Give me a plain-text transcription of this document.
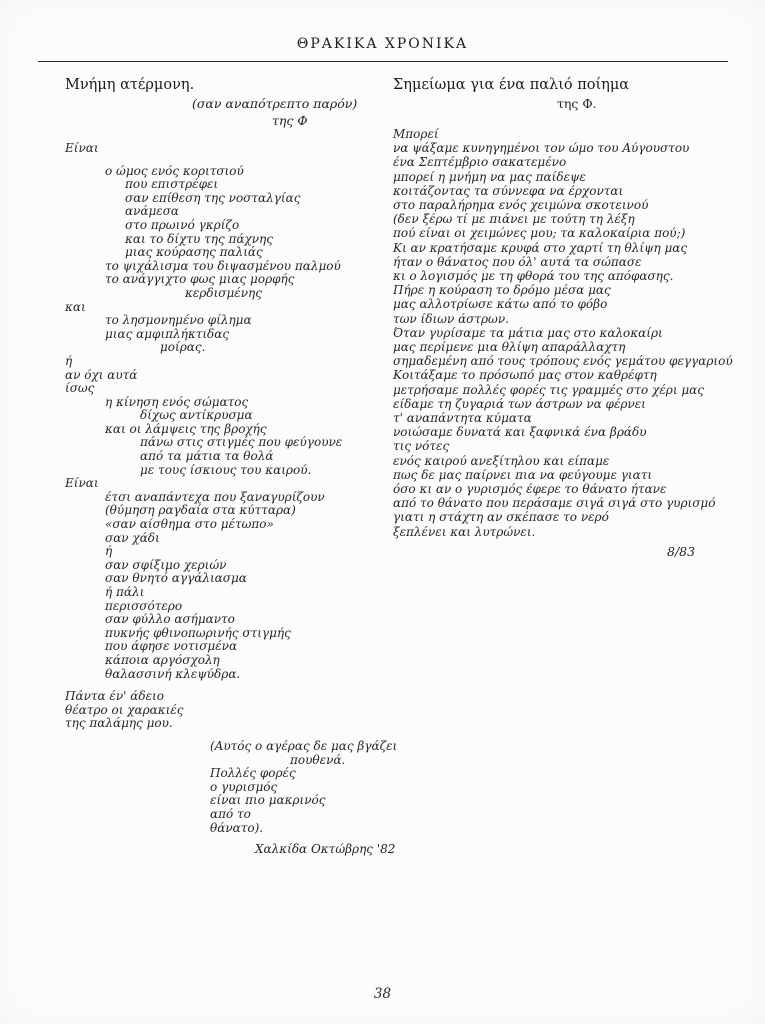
ΘΡΑΚΙΚΑ ΧΡΟΝΙΚΑ
Μνήμη ατέρμονη.
(σαν αναπότρεπτο παρόν)
της Φ
Είναι

ο ώμος ενός κοριτσιού
που επιστρέφει
σαν επίθεση της νοσταλγίας
ανάμεσα
στο πρωινό γκρίζο
και το δίχτυ της πάχνης
μιας κούρασης παλιάς
το ψιχάλισμα του διψασμένου παλμού
το ανάγγιχτο φως μιας μορφής
κερδισμένης
και
το λησμονημένο φίλημα
μιας αμφιπλήκτιδας
μοίρας.
ή
αν όχι αυτά
ίσως
η κίνηση ενός σώματος
δίχως αντίκρυσμα
και οι λάμψεις της βροχής
πάνω στις στιγμές που φεύγουνε
από τα μάτια τα θολά
με τους ίσκιους του καιρού.
Είναι
έτσι αναπάντεχα που ξαναγυρίζουν
(θύμηση ραγδαία στα κύτταρα)
«σαν αίσθημα στο μέτωπο»
σαν χάδι
ή
σαν σφίξιμο χεριών
σαν θνητό αγγάλιασμα
ή πάλι
περισσότερο
σαν φύλλο ασήμαντο
πυκνής φθινοπωρινής στιγμής
που άφησε νοτισμένα
κάποια αργόσχολη
θαλασσινή κλεψύδρα.

Πάντα έν' άδειο
θέατρο οι χαρακιές
της παλάμης μου.

(Αυτός ο αγέρας δε μας βγάζει
πουθενά.
Πολλές φορές
ο γυρισμός
είναι πιο μακρινός
από το
θάνατο).
Χαλκίδα Οκτώβρης '82
Σημείωμα για ένα παλιό ποίημα
της Φ.
Μπορεί
να ψάξαμε κυνηγημένοι τον ώμο του Αύγουστου
ένα Σεπτέμβριο σακατεμένο
μπορεί η μνήμη να μας παίδεψε
κοιτάζοντας τα σύννεφα να έρχονται
στο παραλήρημα ενός χειμώνα σκοτεινού
(δεν ξέρω τί με πιάνει με τούτη τη λέξη
πού είναι οι χειμώνες μου; τα καλοκαίρια πού;)
Κι αν κρατήσαμε κρυφά στο χαρτί τη θλίψη μας
ήταν ο θάνατος που όλ' αυτά τα σώπασε
κι ο λογισμός με τη φθορά του της απόφασης.
Πήρε η κούραση το δρόμο μέσα μας
μας αλλοτρίωσε κάτω από το φόβο
των ίδιων άστρων.
Όταν γυρίσαμε τα μάτια μας στο καλοκαίρι
μας περίμενε μια θλίψη απαράλλαχτη
σημαδεμένη από τους τρόπους ενός γεμάτου φεγγαριού
Κοιτάξαμε το πρόσωπό μας στον καθρέφτη
μετρήσαμε πολλές φορές τις γραμμές στο χέρι μας
είδαμε τη ζυγαριά των άστρων να φέρνει
τ' αναπάντητα κύματα
νοιώσαμε δυνατά και ξαφνικά ένα βράδυ
τις νότες
ενός καιρού ανεξίτηλου και είπαμε
πως δε μας παίρνει πια να φεύγουμε γιατι
όσο κι αν ο γυρισμός έφερε το θάνατο ήτανε
από το θάνατο που περάσαμε σιγά σιγά στο γυρισμό
γιατι η στάχτη αν σκέπασε το νερό
ξεπλένει και λυτρώνει.
8/83
38
